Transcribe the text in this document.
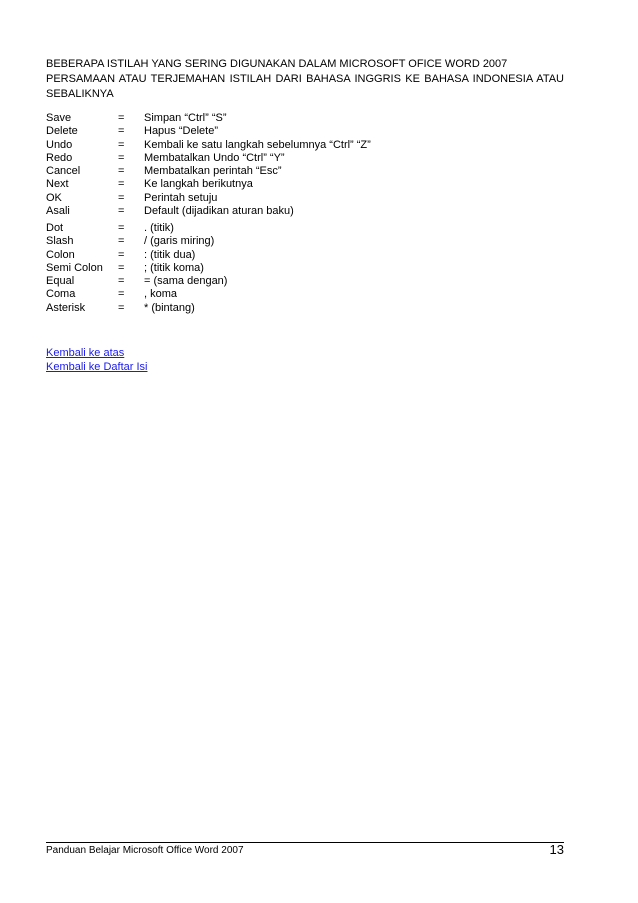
BEBERAPA ISTILAH YANG SERING DIGUNAKAN DALAM MICROSOFT OFICE WORD 2007
PERSAMAAN ATAU TERJEMAHAN ISTILAH DARI BAHASA INGGRIS KE BAHASA INDONESIA ATAU
SEBALIKNYA
Save	= Simpan “Ctrl” “S”
Delete	= Hapus “Delete”
Undo	= Kembali ke satu langkah sebelumnya “Ctrl” “Z”
Redo	= Membatalkan Undo “Ctrl” “Y”
Cancel	= Membatalkan perintah “Esc”
Next	= Ke langkah berikutnya
OK	= Perintah setuju
Asali	= Default (dijadikan aturan baku)
Dot	= . (titik)
Slash	= / (garis miring)
Colon	= : (titik dua)
Semi Colon = ; (titik koma)
Equal	= = (sama dengan)
Coma	= , koma
Asterisk	= * (bintang)
Kembali ke atas
Kembali ke Daftar Isi
Panduan Belajar Microsoft Office Word 2007	13
